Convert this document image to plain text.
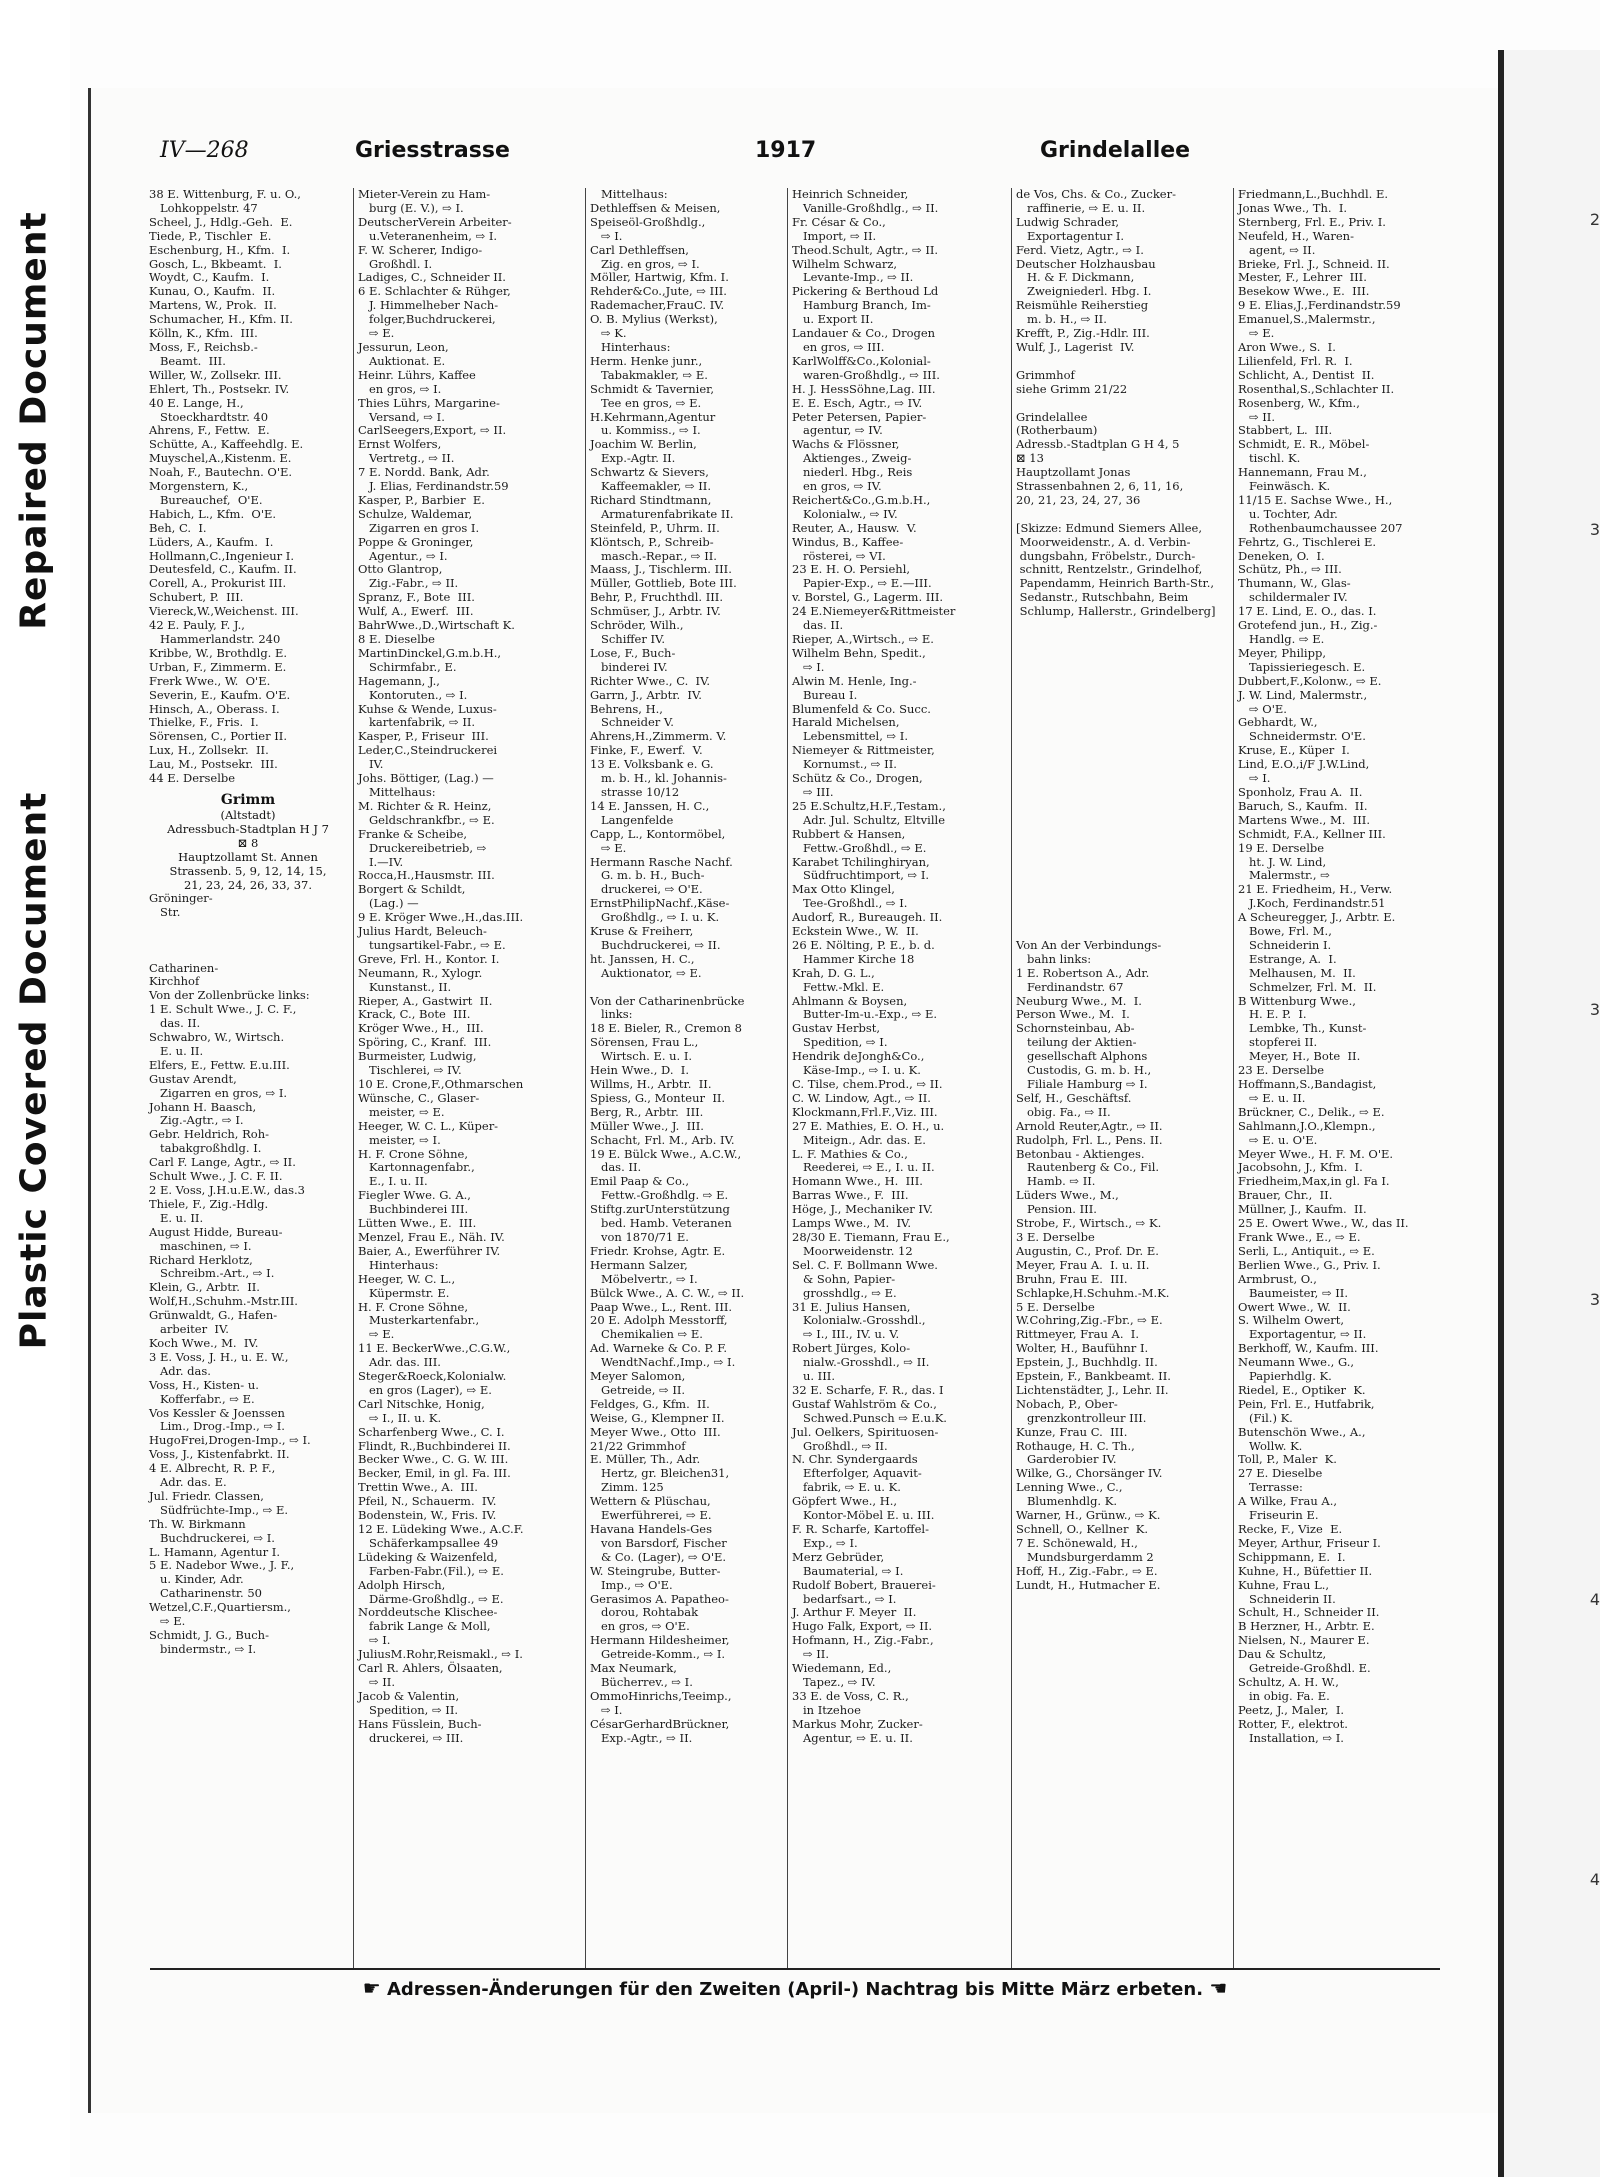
Repaired Document
Plastic Covered Document
2
3
3
3
4
4
IV—268	Griesstrasse	1917	Grindelallee
38 E. Wittenburg, F. u. O.,
Lohkoppelstr. 47
Scheel, J., Hdlg.-Geh.  E.
Tiede, P., Tischler  E.
Eschenburg, H., Kfm.  I.
Gosch, L., Bkbeamt.  I.
Woydt, C., Kaufm.  I.
Kunau, O., Kaufm.  II.
Martens, W., Prok.  II.
Schumacher, H., Kfm. II.
Kölln, K., Kfm.  III.
Moss, F., Reichsb.-
Beamt.  III.
Willer, W., Zollsekr. III.
Ehlert, Th., Postsekr. IV.
40 E. Lange, H.,
Stoeckhardtstr. 40
Ahrens, F., Fettw.  E.
Schütte, A., Kaffeehdlg. E.
Muyschel,A.,Kistenm. E.
Noah, F., Bautechn. O'E.
Morgenstern, K.,
Bureauchef,  O'E.
Habich, L., Kfm.  O'E.
Beh, C.  I.
Lüders, A., Kaufm.  I.
Hollmann,C.,Ingenieur I.
Deutesfeld, C., Kaufm. II.
Corell, A., Prokurist III.
Schubert, P.  III.
Viereck,W.,Weichenst. III.
42 E. Pauly, F. J.,
Hammerlandstr. 240
Kribbe, W., Brothdlg. E.
Urban, F., Zimmerm. E.
Frerk Wwe., W.  O'E.
Severin, E., Kaufm. O'E.
Hinsch, A., Oberass. I.
Thielke, F., Fris.  I.
Sörensen, C., Portier II.
Lux, H., Zollsekr.  II.
Lau, M., Postsekr.  III.
44 E. Derselbe
Grimm
(Altstadt)
Adressbuch-Stadtplan H J 7
⊠ 8
Hauptzollamt St. Annen
Strassenb. 5, 9, 12, 14, 15,
21, 23, 24, 26, 33, 37.
Gröninger-
Str.

Catharinen-
Kirchhof
Von der Zollenbrücke links:
1 E. Schult Wwe., J. C. F.,
das. II.
Schwabro, W., Wirtsch.
E. u. II.
Elfers, E., Fettw. E.u.III.
Gustav Arendt,
Zigarren en gros, ⇨ I.
Johann H. Baasch,
Zig.-Agtr., ⇨ I.
Gebr. Heldrich, Roh-
tabakgroßhdlg. I.
Carl F. Lange, Agtr., ⇨ II.
Schult Wwe., J. C. F. II.
2 E. Voss, J.H.u.E.W., das.3
Thiele, F., Zig.-Hdlg.
E. u. II.
August Hidde, Bureau-
maschinen, ⇨ I.
Richard Herklotz,
Schreibm.-Art., ⇨ I.
Klein, G., Arbtr.  II.
Wolf,H.,Schuhm.-Mstr.III.
Grünwaldt, G., Hafen-
arbeiter  IV.
Koch Wwe., M.  IV.
3 E. Voss, J. H., u. E. W.,
Adr. das.
Voss, H., Kisten- u.
Kofferfabr., ⇨ E.
Vos Kessler & Joenssen
Lim., Drog.-Imp., ⇨ I.
HugoFrei,Drogen-Imp., ⇨ I.
Voss, J., Kistenfabrkt. II.
4 E. Albrecht, R. P. F.,
Adr. das. E.
Jul. Friedr. Classen,
Südfrüchte-Imp., ⇨ E.
Th. W. Birkmann
Buchdruckerei, ⇨ I.
L. Hamann, Agentur I.
5 E. Nadebor Wwe., J. F.,
u. Kinder, Adr.
Catharinenstr. 50
Wetzel,C.F.,Quartiersm.,
⇨ E.
Schmidt, J. G., Buch-
bindermstr., ⇨ I.
Mieter-Verein zu Ham-
burg (E. V.), ⇨ I.
DeutscherVerein Arbeiter-
u.Veteranenheim, ⇨ I.
F. W. Scherer, Indigo-
Großhdl. I.
Ladiges, C., Schneider II.
6 E. Schlachter & Rühger,
J. Himmelheber Nach-
folger,Buchdruckerei,
⇨ E.
Jessurun, Leon,
Auktionat. E.
Heinr. Lührs, Kaffee
en gros, ⇨ I.
Thies Lührs, Margarine-
Versand, ⇨ I.
CarlSeegers,Export, ⇨ II.
Ernst Wolfers,
Vertretg., ⇨ II.
7 E. Nordd. Bank, Adr.
J. Elias, Ferdinandstr.59
Kasper, P., Barbier  E.
Schulze, Waldemar,
Zigarren en gros I.
Poppe & Groninger,
Agentur., ⇨ I.
Otto Glantrop,
Zig.-Fabr., ⇨ II.
Spranz, F., Bote  III.
Wulf, A., Ewerf.  III.
BahrWwe.,D.,Wirtschaft K.
8 E. Dieselbe
MartinDinckel,G.m.b.H.,
Schirmfabr., E.
Hagemann, J.,
Kontoruten., ⇨ I.
Kuhse & Wende, Luxus-
kartenfabrik, ⇨ II.
Kasper, P., Friseur  III.
Leder,C.,Steindruckerei
IV.
Johs. Böttiger, (Lag.) —
Mittelhaus:
M. Richter & R. Heinz,
Geldschrankfbr., ⇨ E.
Franke & Scheibe,
Druckereibetrieb, ⇨
I.—IV.
Rocca,H.,Hausmstr. III.
Borgert & Schildt,
(Lag.) —
9 E. Kröger Wwe.,H.,das.III.
Julius Hardt, Beleuch-
tungsartikel-Fabr., ⇨ E.
Greve, Frl. H., Kontor. I.
Neumann, R., Xylogr.
Kunstanst., II.
Rieper, A., Gastwirt  II.
Krack, C., Bote  III.
Kröger Wwe., H.,  III.
Spöring, C., Kranf.  III.
Burmeister, Ludwig,
Tischlerei, ⇨ IV.
10 E. Crone,F.,Othmarschen
Wünsche, C., Glaser-
meister, ⇨ E.
Heeger, W. C. L., Küper-
meister, ⇨ I.
H. F. Crone Söhne,
Kartonnagenfabr.,
E., I. u. II.
Fiegler Wwe. G. A.,
Buchbinderei III.
Lütten Wwe., E.  III.
Menzel, Frau E., Näh. IV.
Baier, A., Ewerführer IV.
Hinterhaus:
Heeger, W. C. L.,
Küpermstr. E.
H. F. Crone Söhne,
Musterkartenfabr.,
⇨ E.
11 E. BeckerWwe.,C.G.W.,
Adr. das. III.
Steger&Roeck,Kolonialw.
en gros (Lager), ⇨ E.
Carl Nitschke, Honig,
⇨ I., II. u. K.
Scharfenberg Wwe., C. I.
Flindt, R.,Buchbinderei II.
Becker Wwe., C. G. W. III.
Becker, Emil, in gl. Fa. III.
Trettin Wwe., A.  III.
Pfeil, N., Schauerm.  IV.
Bodenstein, W., Fris. IV.
12 E. Lüdeking Wwe., A.C.F.
Schäferkampsallee 49
Lüdeking & Waizenfeld,
Farben-Fabr.(Fil.), ⇨ E.
Adolph Hirsch,
Därme-Großhdlg., ⇨ E.
Norddeutsche Klischee-
fabrik Lange & Moll,
⇨ I.
JuliusM.Rohr,Reismakl., ⇨ I.
Carl R. Ahlers, Ölsaaten,
⇨ II.
Jacob & Valentin,
Spedition, ⇨ II.
Hans Füsslein, Buch-
druckerei, ⇨ III.
Mittelhaus:
Dethleffsen & Meisen,
Speiseöl-Großhdlg.,
⇨ I.
Carl Dethleffsen,
Zig. en gros, ⇨ I.
Möller, Hartwig, Kfm. I.
Rehder&Co.,Jute, ⇨ III.
Rademacher,FrauC. IV.
O. B. Mylius (Werkst),
⇨ K.
Hinterhaus:
Herm. Henke junr.,
Tabakmakler, ⇨ E.
Schmidt & Tavernier,
Tee en gros, ⇨ E.
H.Kehrmann,Agentur
u. Kommiss., ⇨ I.
Joachim W. Berlin,
Exp.-Agtr. II.
Schwartz & Sievers,
Kaffeemakler, ⇨ II.
Richard Stindtmann,
Armaturenfabrikate II.
Steinfeld, P., Uhrm. II.
Klöntsch, P., Schreib-
masch.-Repar., ⇨ II.
Maass, J., Tischlerm. III.
Müller, Gottlieb, Bote III.
Behr, P., Fruchthdl. III.
Schmüser, J., Arbtr. IV.
Schröder, Wilh.,
Schiffer IV.
Lose, F., Buch-
binderei IV.
Richter Wwe., C.  IV.
Garrn, J., Arbtr.  IV.
Behrens, H.,
Schneider V.
Ahrens,H.,Zimmerm. V.
Finke, F., Ewerf.  V.
13 E. Volksbank e. G.
m. b. H., kl. Johannis-
strasse 10/12
14 E. Janssen, H. C.,
Langenfelde
Capp, L., Kontormöbel,
⇨ E.
Hermann Rasche Nachf.
G. m. b. H., Buch-
druckerei, ⇨ O'E.
ErnstPhilipNachf.,Käse-
Großhdlg., ⇨ I. u. K.
Kruse & Freiherr,
Buchdruckerei, ⇨ II.
ht. Janssen, H. C.,
Auktionator, ⇨ E.

Von der Catharinenbrücke
links:
18 E. Bieler, R., Cremon 8
Sörensen, Frau L.,
Wirtsch. E. u. I.
Hein Wwe., D.  I.
Willms, H., Arbtr.  II.
Spiess, G., Monteur  II.
Berg, R., Arbtr.  III.
Müller Wwe., J.  III.
Schacht, Frl. M., Arb. IV.
19 E. Bülck Wwe., A.C.W.,
das. II.
Emil Paap & Co.,
Fettw.-Großhdlg. ⇨ E.
Stiftg.zurUnterstützung
bed. Hamb. Veteranen
von 1870/71 E.
Friedr. Krohse, Agtr. E.
Hermann Salzer,
Möbelvertr., ⇨ I.
Bülck Wwe., A. C. W., ⇨ II.
Paap Wwe., L., Rent. III.
20 E. Adolph Messtorff,
Chemikalien ⇨ E.
Ad. Warneke & Co. P. F.
WendtNachf.,Imp., ⇨ I.
Meyer Salomon,
Getreide, ⇨ II.
Feldges, G., Kfm.  II.
Weise, G., Klempner II.
Meyer Wwe., Otto  III.
21/22 Grimmhof
E. Müller, Th., Adr.
Hertz, gr. Bleichen31,
Zimm. 125
Wettern & Plüschau,
Ewerführerei, ⇨ E.
Havana Handels-Ges
von Barsdorf, Fischer
& Co. (Lager), ⇨ O'E.
W. Steingrube, Butter-
Imp., ⇨ O'E.
Gerasimos A. Papatheo-
dorou, Rohtabak
en gros, ⇨ O'E.
Hermann Hildesheimer,
Getreide-Komm., ⇨ I.
Max Neumark,
Bücherrev., ⇨ I.
OmmoHinrichs,Teeimp.,
⇨ I.
CésarGerhardBrückner,
Exp.-Agtr., ⇨ II.
Heinrich Schneider,
Vanille-Großhdlg., ⇨ II.
Fr. César & Co.,
Import, ⇨ II.
Theod.Schult, Agtr., ⇨ II.
Wilhelm Schwarz,
Levante-Imp., ⇨ II.
Pickering & Berthoud Ld
Hamburg Branch, Im-
u. Export II.
Landauer & Co., Drogen
en gros, ⇨ III.
KarlWolff&Co.,Kolonial-
waren-Großhdlg., ⇨ III.
H. J. HessSöhne,Lag. III.
E. E. Esch, Agtr., ⇨ IV.
Peter Petersen, Papier-
agentur, ⇨ IV.
Wachs & Flössner,
Aktienges., Zweig-
niederl. Hbg., Reis
en gros, ⇨ IV.
Reichert&Co.,G.m.b.H.,
Kolonialw., ⇨ IV.
Reuter, A., Hausw.  V.
Windus, B., Kaffee-
rösterei, ⇨ VI.
23 E. H. O. Persiehl,
Papier-Exp., ⇨ E.—III.
v. Borstel, G., Lagerm. III.
24 E.Niemeyer&Rittmeister
das. II.
Rieper, A.,Wirtsch., ⇨ E.
Wilhelm Behn, Spedit.,
⇨ I.
Alwin M. Henle, Ing.-
Bureau I.
Blumenfeld & Co. Succ.
Harald Michelsen,
Lebensmittel, ⇨ I.
Niemeyer & Rittmeister,
Kornumst., ⇨ II.
Schütz & Co., Drogen,
⇨ III.
25 E.Schultz,H.F.,Testam.,
Adr. Jul. Schultz, Eltville
Rubbert & Hansen,
Fettw.-Großhdl., ⇨ E.
Karabet Tchilinghiryan,
Südfruchtimport, ⇨ I.
Max Otto Klingel,
Tee-Großhdl., ⇨ I.
Audorf, R., Bureaugeh. II.
Eckstein Wwe., W.  II.
26 E. Nölting, P. E., b. d.
Hammer Kirche 18
Krah, D. G. L.,
Fettw.-Mkl. E.
Ahlmann & Boysen,
Butter-Im-u.-Exp., ⇨ E.
Gustav Herbst,
Spedition, ⇨ I.
Hendrik deJongh&Co.,
Käse-Imp., ⇨ I. u. K.
C. Tilse, chem.Prod., ⇨ II.
C. W. Lindow, Agt., ⇨ II.
Klockmann,Frl.F.,Viz. III.
27 E. Mathies, E. O. H., u.
Miteign., Adr. das. E.
L. F. Mathies & Co.,
Reederei, ⇨ E., I. u. II.
Homann Wwe., H.  III.
Barras Wwe., F.  III.
Höge, J., Mechaniker IV.
Lamps Wwe., M.  IV.
28/30 E. Tiemann, Frau E.,
Moorweidenstr. 12
Sel. C. F. Bollmann Wwe.
& Sohn, Papier-
grosshdlg., ⇨ E.
31 E. Julius Hansen,
Kolonialw.-Grosshdl.,
⇨ I., III., IV. u. V.
Robert Jürges, Kolo-
nialw.-Grosshdl., ⇨ II.
u. III.
32 E. Scharfe, F. R., das. I
Gustaf Wahlström & Co.,
Schwed.Punsch ⇨ E.u.K.
Jul. Oelkers, Spirituosen-
Großhdl., ⇨ II.
N. Chr. Syndergaards
Efterfolger, Aquavit-
fabrik, ⇨ E. u. K.
Göpfert Wwe., H.,
Kontor-Möbel E. u. III.
F. R. Scharfe, Kartoffel-
Exp., ⇨ I.
Merz Gebrüder,
Baumaterial, ⇨ I.
Rudolf Bobert, Brauerei-
bedarfsart., ⇨ I.
J. Arthur F. Meyer  II.
Hugo Falk, Export, ⇨ II.
Hofmann, H., Zig.-Fabr.,
⇨ II.
Wiedemann, Ed.,
Tapez., ⇨ IV.
33 E. de Voss, C. R.,
in Itzehoe
Markus Mohr, Zucker-
Agentur, ⇨ E. u. II.
de Vos, Chs. & Co., Zucker-
raffinerie, ⇨ E. u. II.
Ludwig Schrader,
Exportagentur I.
Ferd. Vietz, Agtr., ⇨ I.
Deutscher Holzhausbau
H. & F. Dickmann,
Zweigniederl. Hbg. I.
Reismühle Reiherstieg
m. b. H., ⇨ II.
Krefft, P., Zig.-Hdlr. III.
Wulf, J., Lagerist  IV.

Grimmhof
siehe Grimm 21/22

Grindelallee
(Rotherbaum)
Adressb.-Stadtplan G H 4, 5
⊠ 13
Hauptzollamt Jonas
Strassenbahnen 2, 6, 11, 16,
20, 21, 23, 24, 27, 36

[Skizze: Edmund Siemers Allee,
Moorweidenstr., A. d. Verbin-
dungsbahn, Fröbelstr., Durch-
schnitt, Rentzelstr., Grindelhof,
Papendamm, Heinrich Barth-Str.,
Sedanstr., Rutschbahn, Beim
Schlump, Hallerstr., Grindelberg]

Von An der Verbindungs-
bahn links:
1 E. Robertson A., Adr.
Ferdinandstr. 67
Neuburg Wwe., M.  I.
Person Wwe., M.  I.
Schornsteinbau, Ab-
teilung der Aktien-
gesellschaft Alphons
Custodis, G. m. b. H.,
Filiale Hamburg ⇨ I.
Self, H., Geschäftsf.
obig. Fa., ⇨ II.
Arnold Reuter,Agtr., ⇨ II.
Rudolph, Frl. L., Pens. II.
Betonbau - Aktienges.
Rautenberg & Co., Fil.
Hamb. ⇨ II.
Lüders Wwe., M.,
Pension. III.
Strobe, F., Wirtsch., ⇨ K.
3 E. Derselbe
Augustin, C., Prof. Dr. E.
Meyer, Frau A.  I. u. II.
Bruhn, Frau E.  III.
Schlapke,H.Schuhm.-M.K.
5 E. Derselbe
W.Cohring,Zig.-Fbr., ⇨ E.
Rittmeyer, Frau A.  I.
Wolter, H., Baufühnr I.
Epstein, J., Buchhdlg. II.
Epstein, F., Bankbeamt. II.
Lichtenstädter, J., Lehr. II.
Nobach, P., Ober-
grenzkontrolleur III.
Kunze, Frau C.  III.
Rothauge, H. C. Th.,
Garderobier IV.
Wilke, G., Chorsänger IV.
Lenning Wwe., C.,
Blumenhdlg. K.
Warner, H., Grünw., ⇨ K.
Schnell, O., Kellner  K.
7 E. Schönewald, H.,
Mundsburgerdamm 2
Hoff, H., Zig.-Fabr., ⇨ E.
Lundt, H., Hutmacher E.
Friedmann,L.,Buchhdl. E.
Jonas Wwe., Th.  I.
Sternberg, Frl. E., Priv. I.
Neufeld, H., Waren-
agent, ⇨ II.
Brieke, Frl. J., Schneid. II.
Mester, F., Lehrer  III.
Besekow Wwe., E.  III.
9 E. Elias,J.,Ferdinandstr.59
Emanuel,S.,Malermstr.,
⇨ E.
Aron Wwe., S.  I.
Lilienfeld, Frl. R.  I.
Schlicht, A., Dentist  II.
Rosenthal,S.,Schlachter II.
Rosenberg, W., Kfm.,
⇨ II.
Stabbert, L.  III.
Schmidt, E. R., Möbel-
tischl. K.
Hannemann, Frau M.,
Feinwäsch. K.
11/15 E. Sachse Wwe., H.,
u. Tochter, Adr.
Rothenbaumchaussee 207
Fehrtz, G., Tischlerei E.
Deneken, O.  I.
Schütz, Ph., ⇨ III.
Thumann, W., Glas-
schildermaler IV.
17 E. Lind, E. O., das. I.
Grotefend jun., H., Zig.-
Handlg. ⇨ E.
Meyer, Philipp,
Tapissieriegesch. E.
Dubbert,F.,Kolonw., ⇨ E.
J. W. Lind, Malermstr.,
⇨ O'E.
Gebhardt, W.,
Schneidermstr. O'E.
Kruse, E., Küper  I.
Lind, E.O.,i/F J.W.Lind,
⇨ I.
Sponholz, Frau A.  II.
Baruch, S., Kaufm.  II.
Martens Wwe., M.  III.
Schmidt, F.A., Kellner III.
19 E. Derselbe
ht. J. W. Lind,
Malermstr., ⇨
21 E. Friedheim, H., Verw.
J.Koch, Ferdinandstr.51
A Scheuregger, J., Arbtr. E.
Bowe, Frl. M.,
Schneiderin I.
Estrange, A.  I.
Melhausen, M.  II.
Schmelzer, Frl. M.  II.
B Wittenburg Wwe.,
H. E. P.  I.
Lembke, Th., Kunst-
stopferei II.
Meyer, H., Bote  II.
23 E. Derselbe
Hoffmann,S.,Bandagist,
⇨ E. u. II.
Brückner, C., Delik., ⇨ E.
Sahlmann,J.O.,Klempn.,
⇨ E. u. O'E.
Meyer Wwe., H. F. M. O'E.
Jacobsohn, J., Kfm.  I.
Friedheim,Max,in gl. Fa I.
Brauer, Chr.,  II.
Müllner, J., Kaufm.  II.
25 E. Owert Wwe., W., das II.
Frank Wwe., E., ⇨ E.
Serli, L., Antiquit., ⇨ E.
Berlien Wwe., G., Priv. I.
Armbrust, O.,
Baumeister, ⇨ II.
Owert Wwe., W.  II.
S. Wilhelm Owert,
Exportagentur, ⇨ II.
Berkhoff, W., Kaufm. III.
Neumann Wwe., G.,
Papierhdlg. K.
Riedel, E., Optiker  K.
Pein, Frl. E., Hutfabrik,
(Fil.) K.
Butenschön Wwe., A.,
Wollw. K.
Toll, P., Maler  K.
27 E. Dieselbe
Terrasse:
A Wilke, Frau A.,
Friseurin E.
Recke, F., Vize  E.
Meyer, Arthur, Friseur I.
Schippmann, E.  I.
Kuhne, H., Büfettier II.
Kuhne, Frau L.,
Schneiderin II.
Schult, H., Schneider II.
B Herzner, H., Arbtr. E.
Nielsen, N., Maurer E.
Dau & Schultz,
Getreide-Großhdl. E.
Schultz, A. H. W.,
in obig. Fa. E.
Peetz, J., Maler,  I.
Rotter, F., elektrot.
Installation, ⇨ I.
☛ Adressen-Änderungen für den Zweiten (April-) Nachtrag bis Mitte März erbeten. ☚
